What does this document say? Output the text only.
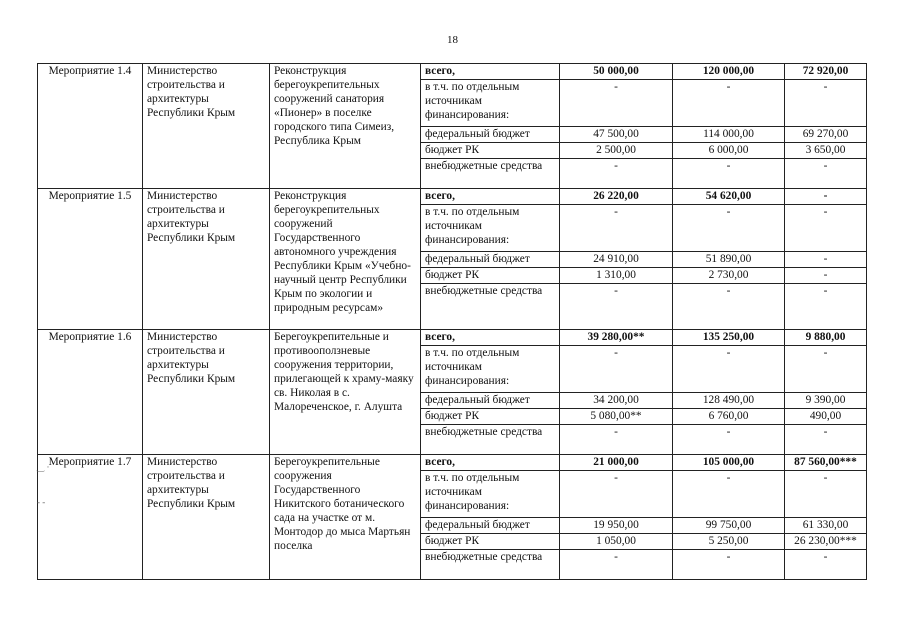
18
Мероприятие 1.4	Министерство строительства и архитектуры Республики Крым	Реконструкция берегоукрепительных сооружений санатория «Пионер» в поселке городского типа Симеиз, Республика Крым	всего,	50 000,00	120 000,00	72 920,00
			в т.ч. по отдельным источникам финансирования:	-	-	-
			федеральный бюджет	47 500,00	114 000,00	69 270,00
			бюджет РК	2 500,00	6 000,00	3 650,00
			внебюджетные средства	-	-	-
Мероприятие 1.5	Министерство строительства и архитектуры Республики Крым	Реконструкция берегоукрепительных сооружений Государственного автономного учреждения Республики Крым «Учебно-научный центр Республики Крым по экологии и природным ресурсам»	всего,	26 220,00	54 620,00	-
			в т.ч. по отдельным источникам финансирования:	-	-	-
			федеральный бюджет	24 910,00	51 890,00	-
			бюджет РК	1 310,00	2 730,00	-
			внебюджетные средства	-	-	-
Мероприятие 1.6	Министерство строительства и архитектуры Республики Крым	Берегоукрепительные и противооползневые сооружения территории, прилегающей к храму-маяку св. Николая в с. Малореченское, г. Алушта	всего,	39 280,00**	135 250,00	9 880,00
			в т.ч. по отдельным источникам финансирования:	-	-	-
			федеральный бюджет	34 200,00	128 490,00	9 390,00
			бюджет РК	5 080,00**	6 760,00	490,00
			внебюджетные средства	-	-	-
Мероприятие 1.7	Министерство строительства и архитектуры Республики Крым	Берегоукрепительные сооружения Государственного Никитского ботанического сада на участке от м. Монтодор до мыса Мартьян поселка	всего,	21 000,00	105 000,00	87 560,00***
			в т.ч. по отдельным источникам финансирования:	-	-	-
			федеральный бюджет	19 950,00	99 750,00	61 330,00
			бюджет РК	1 050,00	5 250,00	26 230,00***
			внебюджетные средства	-	-	-
‿ ·
- -
